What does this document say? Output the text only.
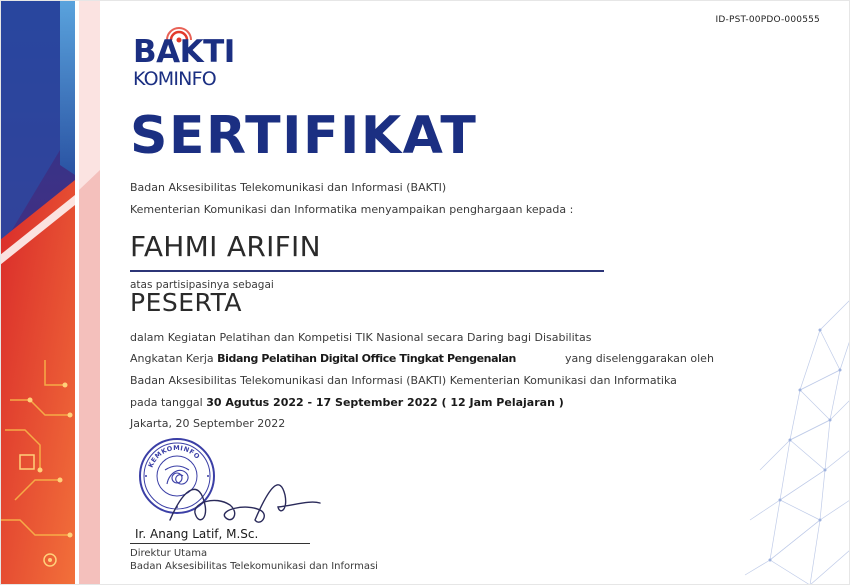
ID-PST-00PDO-000555
BAKTI
KOMINFO
SERTIFIKAT
Badan Aksesibilitas Telekomunikasi dan Informasi (BAKTI)
Kementerian Komunikasi dan Informatika menyampaikan penghargaan kepada :
FAHMI ARIFIN
atas partisipasinya sebagai
PESERTA
dalam Kegiatan Pelatihan dan Kompetisi TIK Nasional secara Daring bagi Disabilitas
Angkatan Kerja Bidang Pelatihan Digital Office Tingkat Pengenalan	yang diselenggarakan oleh
Badan Aksesibilitas Telekomunikasi dan Informasi (BAKTI) Kementerian Komunikasi dan Informatika
pada tanggal 30 Agutus 2022 - 17 September 2022 ( 12 Jam Pelajaran )
Jakarta, 20 September 2022
KEMKOMINFO
Ir. Anang Latif, M.Sc.
Direktur Utama
Badan Aksesibilitas Telekomunikasi dan Informasi
